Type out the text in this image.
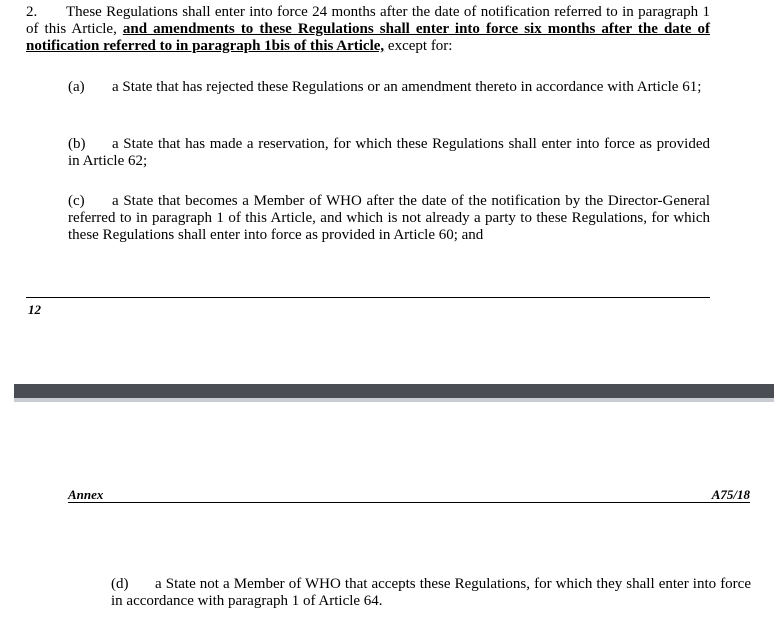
2. These Regulations shall enter into force 24 months after the date of notification referred to in paragraph 1 of this Article, and amendments to these Regulations shall enter into force six months after the date of notification referred to in paragraph 1bis of this Article, except for:
(a) a State that has rejected these Regulations or an amendment thereto in accordance with Article 61;
(b) a State that has made a reservation, for which these Regulations shall enter into force as provided in Article 62;
(c) a State that becomes a Member of WHO after the date of the notification by the Director-General referred to in paragraph 1 of this Article, and which is not already a party to these Regulations, for which these Regulations shall enter into force as provided in Article 60; and
12
Annex	A75/18
(d) a State not a Member of WHO that accepts these Regulations, for which they shall enter into force in accordance with paragraph 1 of Article 64.
